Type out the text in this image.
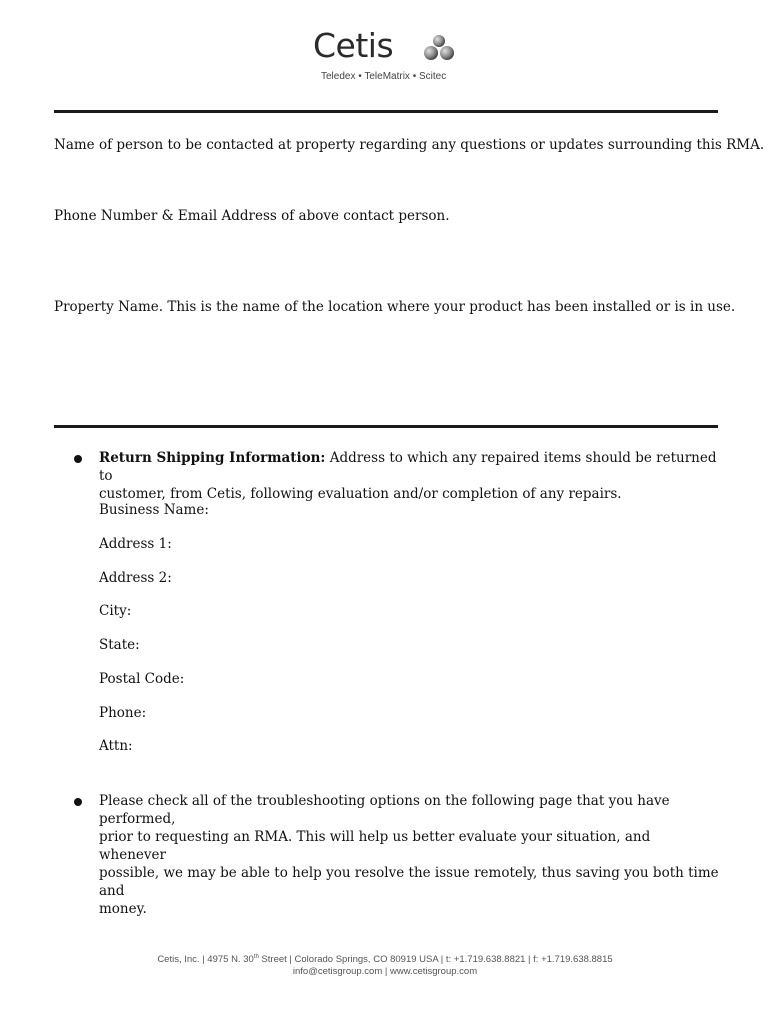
Cetis
Teledex • TeleMatrix • Scitec
Name of person to be contacted at property regarding any questions or updates surrounding this RMA.
Phone Number & Email Address of above contact person.
Property Name. This is the name of the location where your product has been installed or is in use.
Return Shipping Information: Address to which any repaired items should be returned to
customer, from Cetis, following evaluation and/or completion of any repairs.
Business Name:
Address 1:
Address 2:
City:
State:
Postal Code:
Phone:
Attn:
Please check all of the troubleshooting options on the following page that you have performed,
prior to requesting an RMA. This will help us better evaluate your situation, and whenever
possible, we may be able to help you resolve the issue remotely, thus saving you both time and
money.
Cetis, Inc. | 4975 N. 30th Street | Colorado Springs, CO 80919 USA | t: +1.719.638.8821 | f: +1.719.638.8815
info@cetisgroup.com | www.cetisgroup.com
